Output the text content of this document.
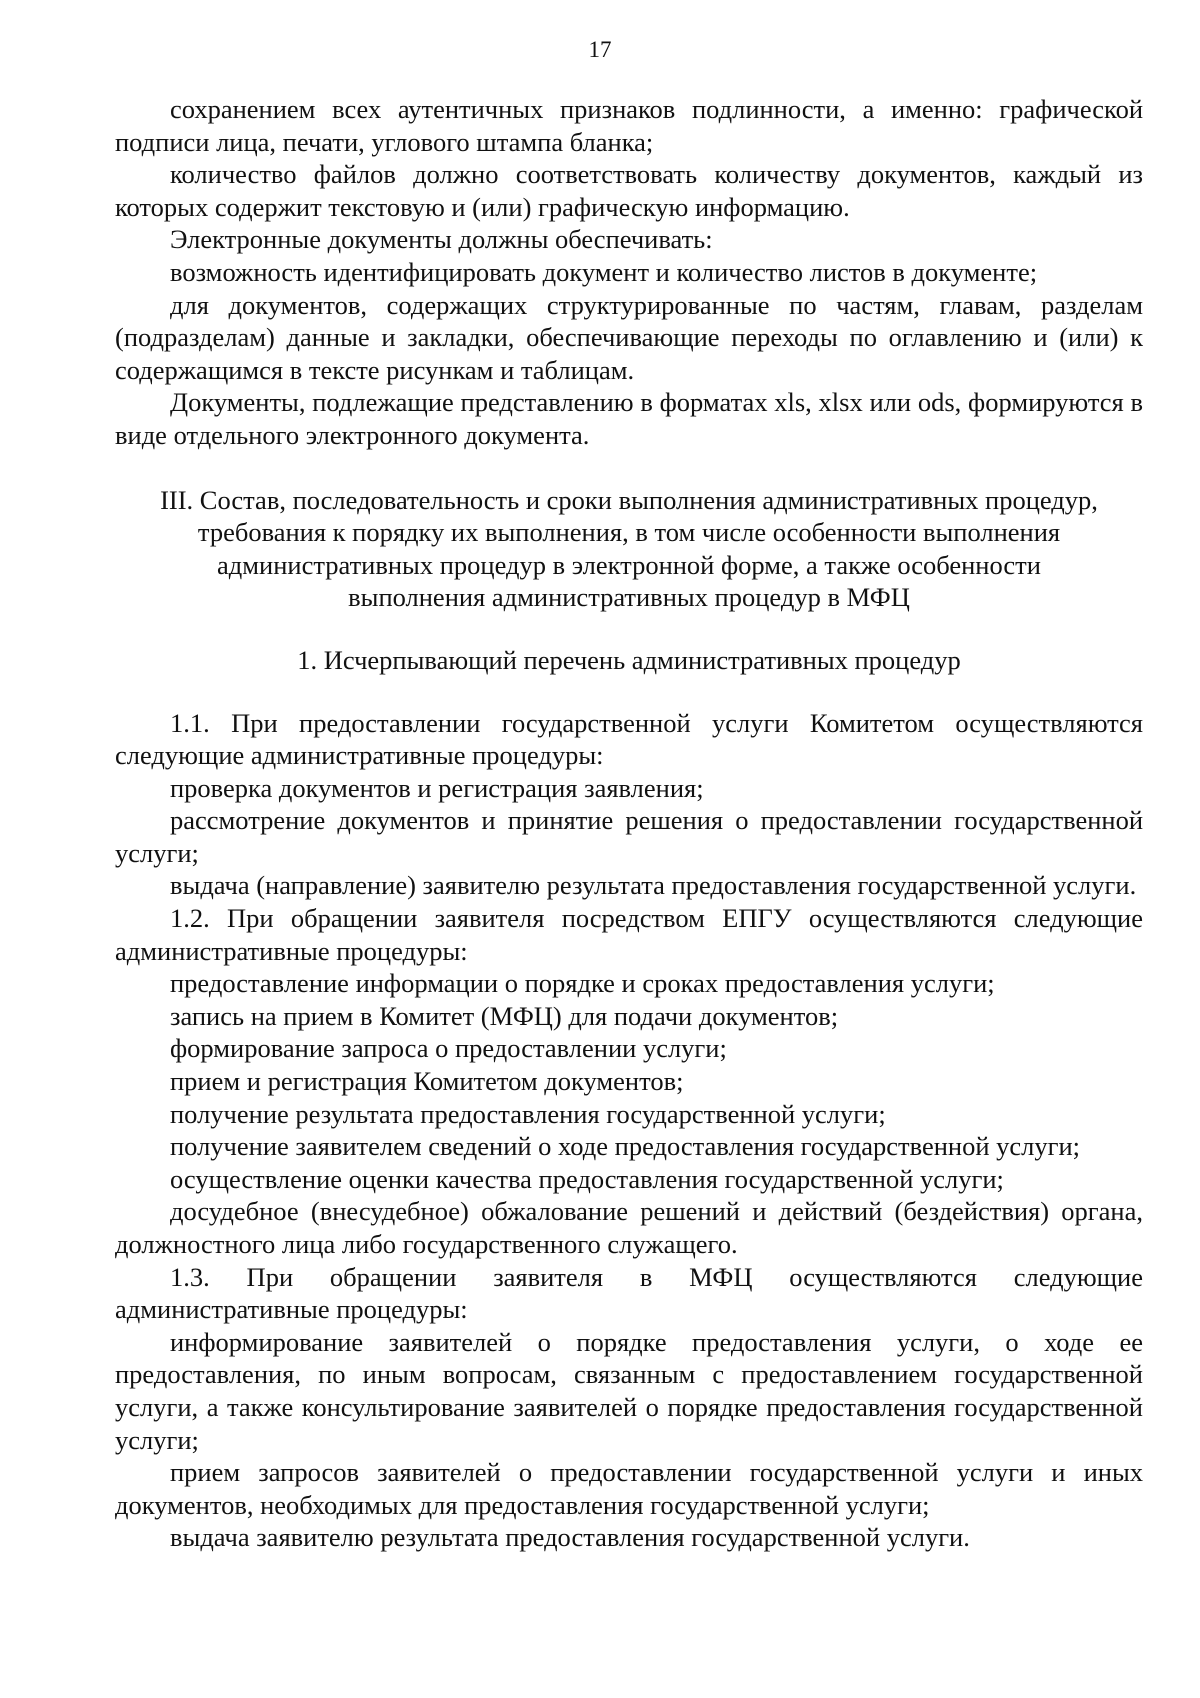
17

сохранением всех аутентичных признаков подлинности, а именно: графической подписи лица, печати, углового штампа бланка;

количество файлов должно соответствовать количеству документов, каждый из которых содержит текстовую и (или) графическую информацию.

Электронные документы должны обеспечивать:

возможность идентифицировать документ и количество листов в документе;

для документов, содержащих структурированные по частям, главам, разделам (подразделам) данные и закладки, обеспечивающие переходы по оглавлению и (или) к содержащимся в тексте рисункам и таблицам.

Документы, подлежащие представлению в форматах xls, xlsx или ods, формируются в виде отдельного электронного документа.

III. Состав, последовательность и сроки выполнения административных процедур,

требования к порядку их выполнения, в том числе особенности выполнения

административных процедур в электронной форме, а также особенности

выполнения административных процедур в МФЦ

1. Исчерпывающий перечень административных процедур

1.1. При предоставлении государственной услуги Комитетом осуществляются следующие административные процедуры:

проверка документов и регистрация заявления;

рассмотрение документов и принятие решения о предоставлении государственной услуги;

выдача (направление) заявителю результата предоставления государственной услуги.

1.2. При обращении заявителя посредством ЕПГУ осуществляются следующие административные процедуры:

предоставление информации о порядке и сроках предоставления услуги;

запись на прием в Комитет (МФЦ) для подачи документов;

формирование запроса о предоставлении услуги;

прием и регистрация Комитетом документов;

получение результата предоставления государственной услуги;

получение заявителем сведений о ходе предоставления государственной услуги;

осуществление оценки качества предоставления государственной услуги;

досудебное (внесудебное) обжалование решений и действий (бездействия) органа, должностного лица либо государственного служащего.

1.3. При обращении заявителя в МФЦ осуществляются следующие административные процедуры:

информирование заявителей о порядке предоставления услуги, о ходе ее предоставления, по иным вопросам, связанным с предоставлением государственной услуги, а также консультирование заявителей о порядке предоставления государственной услуги;

прием запросов заявителей о предоставлении государственной услуги и иных документов, необходимых для предоставления государственной услуги;

выдача заявителю результата предоставления государственной услуги.
